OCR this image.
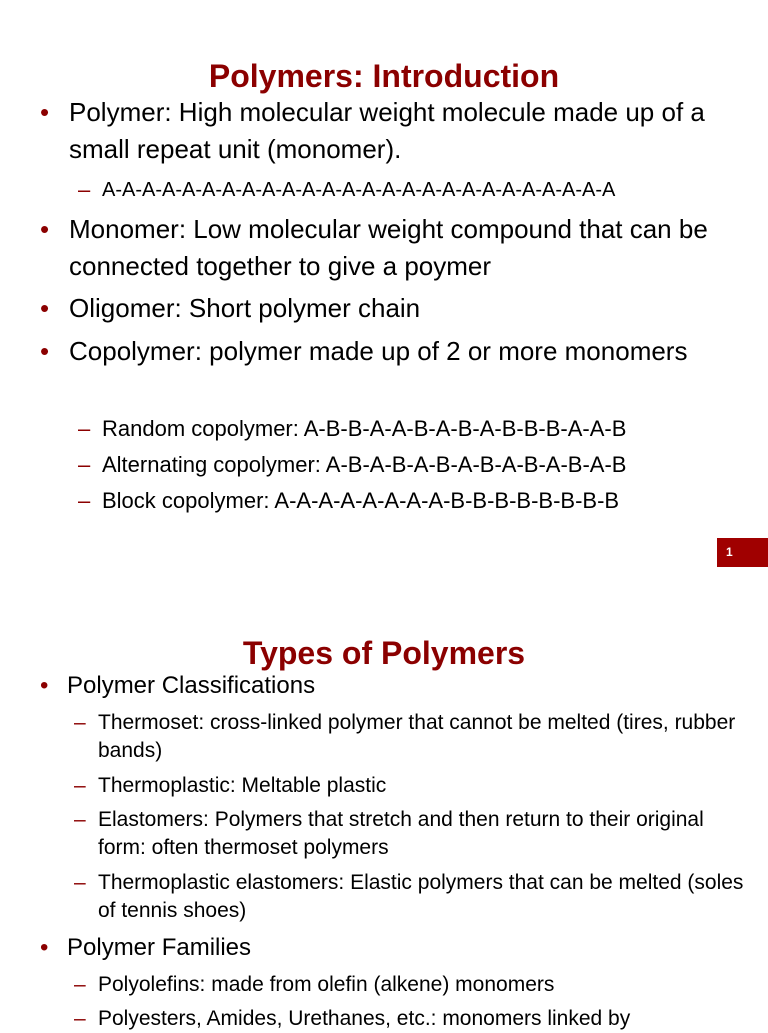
Polymers: Introduction
• Polymer: High molecular weight molecule made up of a small repeat unit (monomer).
– A-A-A-A-A-A-A-A-A-A-A-A-A-A-A-A-A-A-A-A-A-A-A-A-A-A
• Monomer: Low molecular weight compound that can be connected together to give a poymer
• Oligomer: Short polymer chain
• Copolymer: polymer made up of 2 or more monomers
– Random copolymer: A-B-B-A-A-B-A-B-A-B-B-B-A-A-B
– Alternating copolymer: A-B-A-B-A-B-A-B-A-B-A-B-A-B
– Block copolymer: A-A-A-A-A-A-A-A-B-B-B-B-B-B-B-B
1
Types of Polymers
• Polymer Classifications
– Thermoset: cross-linked polymer that cannot be melted (tires, rubber bands)
– Thermoplastic: Meltable plastic
– Elastomers: Polymers that stretch and then return to their original form: often thermoset polymers
– Thermoplastic elastomers: Elastic polymers that can be melted (soles of tennis shoes)
• Polymer Families
– Polyolefins: made from olefin (alkene) monomers
– Polyesters, Amides, Urethanes, etc.: monomers linked by
